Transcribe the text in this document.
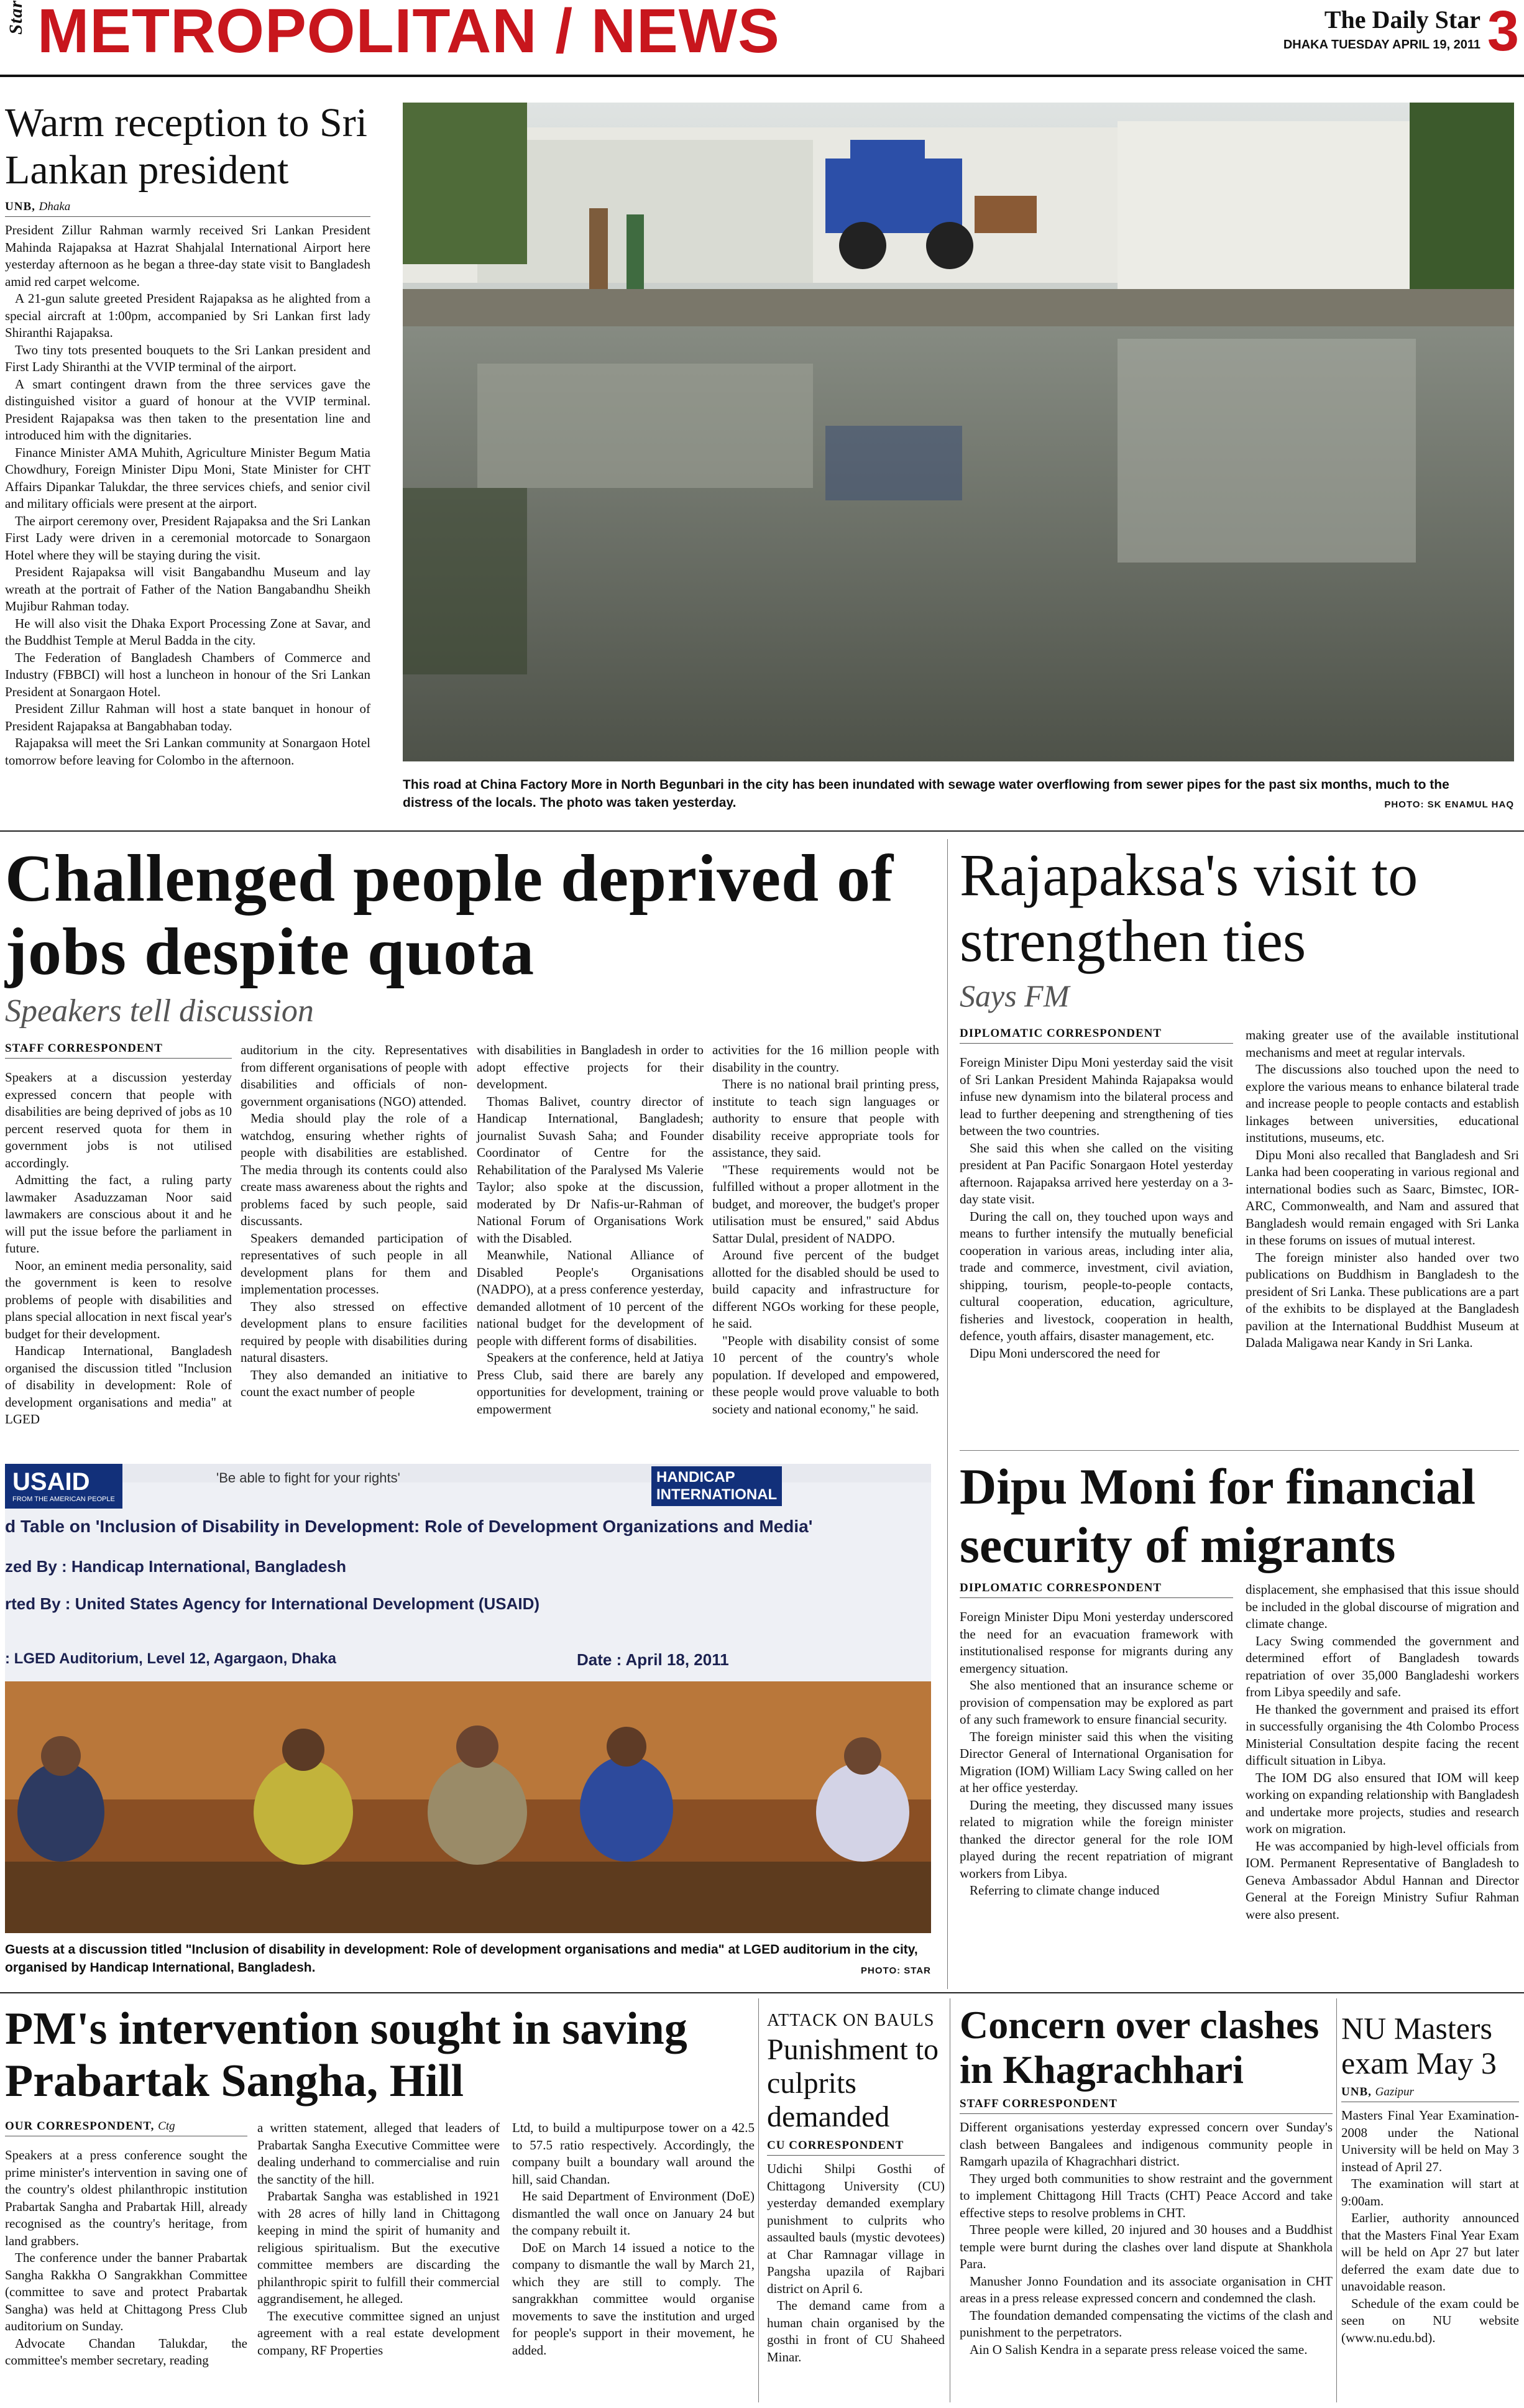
Star METROPOLITAN / NEWS	The Daily Star
DHAKA TUESDAY APRIL 19, 2011 3
Warm reception to Sri Lankan president
UNB, Dhaka

President Zillur Rahman warmly received Sri Lankan President Mahinda Rajapaksa at Hazrat Shahjalal International Airport here yesterday afternoon as he began a three-day state visit to Bangladesh amid red carpet welcome.

A 21-gun salute greeted President Rajapaksa as he alighted from a special aircraft at 1:00pm, accompanied by Sri Lankan first lady Shiranthi Rajapaksa.

Two tiny tots presented bouquets to the Sri Lankan president and First Lady Shiranthi at the VVIP terminal of the airport.

A smart contingent drawn from the three services gave the distinguished visitor a guard of honour at the VVIP terminal. President Rajapaksa was then taken to the presentation line and introduced him with the dignitaries.

Finance Minister AMA Muhith, Agriculture Minister Begum Matia Chowdhury, Foreign Minister Dipu Moni, State Minister for CHT Affairs Dipankar Talukdar, the three services chiefs, and senior civil and military officials were present at the airport.

The airport ceremony over, President Rajapaksa and the Sri Lankan First Lady were driven in a ceremonial motorcade to Sonargaon Hotel where they will be staying during the visit.

President Rajapaksa will visit Bangabandhu Museum and lay wreath at the portrait of Father of the Nation Bangabandhu Sheikh Mujibur Rahman today.

He will also visit the Dhaka Export Processing Zone at Savar, and the Buddhist Temple at Merul Badda in the city.

The Federation of Bangladesh Chambers of Commerce and Industry (FBBCI) will host a luncheon in honour of the Sri Lankan President at Sonargaon Hotel.

President Zillur Rahman will host a state banquet in honour of President Rajapaksa at Bangabhaban today.

Rajapaksa will meet the Sri Lankan community at Sonargaon Hotel tomorrow before leaving for Colombo in the afternoon.

This road at China Factory More in North Begunbari in the city has been inundated with sewage water overflowing from sewer pipes for the past six months, much to the distress of the locals. The photo was taken yesterday.	PHOTO: SK ENAMUL HAQ
Challenged people deprived of jobs despite quota
Speakers tell discussion
STAFF CORRESPONDENT

Speakers at a discussion yesterday expressed concern that people with disabilities are being deprived of jobs as 10 percent reserved quota for them in government jobs is not utilised accordingly.

Admitting the fact, a ruling party lawmaker Asaduzzaman Noor said lawmakers are conscious about it and he will put the issue before the parliament in future.

Noor, an eminent media personality, said the government is keen to resolve problems of people with disabilities and plans special allocation in next fiscal year's budget for their development.

Handicap International, Bangladesh organised the discussion titled "Inclusion of disability in development: Role of development organisations and media" at LGED

auditorium in the city. Representatives from different organisations of people with disabilities and officials of non-government organisations (NGO) attended.

Media should play the role of a watchdog, ensuring whether rights of people with disabilities are established. The media through its contents could also create mass awareness about the rights and problems faced by such people, said discussants.

Speakers demanded participation of representatives of such people in all development plans for them and implementation processes.

They also stressed on effective development plans to ensure facilities required by people with disabilities during natural disasters.

They also demanded an initiative to count the exact number of people

with disabilities in Bangladesh in order to adopt effective projects for their development.

Thomas Balivet, country director of Handicap International, Bangladesh; journalist Suvash Saha; and Founder Coordinator of Centre for the Rehabilitation of the Paralysed Ms Valerie Taylor; also spoke at the discussion, moderated by Dr Nafis-ur-Rahman of National Forum of Organisations Work with the Disabled.

Meanwhile, National Alliance of Disabled People's Organisations (NADPO), at a press conference yesterday, demanded allotment of 10 percent of the national budget for the development of people with different forms of disabilities.

Speakers at the conference, held at Jatiya Press Club, said there are barely any opportunities for development, training or empowerment

activities for the 16 million people with disability in the country.

There is no national brail printing press, institute to teach sign languages or authority to ensure that people with disability receive appropriate tools for assistance, they said.

"These requirements would not be fulfilled without a proper allotment in the budget, and moreover, the budget's proper utilisation must be ensured," said Abdus Sattar Dulal, president of NADPO.

Around five percent of the budget allotted for the disabled should be used to build capacity and infrastructure for different NGOs working for these people, he said.

"People with disability consist of some 10 percent of the country's whole population. If developed and empowered, these people would prove valuable to both society and national economy," he said.

Rajapaksa's visit to strengthen ties
Says FM
DIPLOMATIC CORRESPONDENT

Foreign Minister Dipu Moni yesterday said the visit of Sri Lankan President Mahinda Rajapaksa would infuse new dynamism into the bilateral process and lead to further deepening and strengthening of ties between the two countries.

She said this when she called on the visiting president at Pan Pacific Sonargaon Hotel yesterday afternoon. Rajapaksa arrived here yesterday on a 3-day state visit.

During the call on, they touched upon ways and means to further intensify the mutually beneficial cooperation in various areas, including inter alia, trade and commerce, investment, civil aviation, shipping, tourism, people-to-people contacts, cultural cooperation, education, agriculture, fisheries and livestock, cooperation in health, defence, youth affairs, disaster management, etc.

Dipu Moni underscored the need for

making greater use of the available institutional mechanisms and meet at regular intervals.

The discussions also touched upon the need to explore the various means to enhance bilateral trade and increase people to people contacts and establish linkages between universities, educational institutions, museums, etc.

Dipu Moni also recalled that Bangladesh and Sri Lanka had been cooperating in various regional and international bodies such as Saarc, Bimstec, IOR-ARC, Commonwealth, and Nam and assured that Bangladesh would remain engaged with Sri Lanka in these forums on issues of mutual interest.

The foreign minister also handed over two publications on Buddhism in Bangladesh to the president of Sri Lanka. These publications are a part of the exhibits to be displayed at the Bangladesh pavilion at the International Buddhist Museum at Dalada Maligawa near Kandy in Sri Lanka.

USAID
FROM THE AMERICAN PEOPLE
'Be able to fight for your rights'	HANDICAP INTERNATIONAL
d Table on 'Inclusion of Disability in Development: Role of Development Organizations and Media'
zed By : Handicap International, Bangladesh
rted By : United States Agency for International Development (USAID)
: LGED Auditorium, Level 12, Agargaon, Dhaka	Date : April 18, 2011
Guests at a discussion titled "Inclusion of disability in development: Role of development organisations and media" at LGED auditorium in the city, organised by Handicap International, Bangladesh.	PHOTO: STAR
Dipu Moni for financial security of migrants
DIPLOMATIC CORRESPONDENT

Foreign Minister Dipu Moni yesterday underscored the need for an evacuation framework with institutionalised response for migrants during any emergency situation.

She also mentioned that an insurance scheme or provision of compensation may be explored as part of any such framework to ensure financial security.

The foreign minister said this when the visiting Director General of International Organisation for Migration (IOM) William Lacy Swing called on her at her office yesterday.

During the meeting, they discussed many issues related to migration while the foreign minister thanked the director general for the role IOM played during the recent repatriation of migrant workers from Libya.

Referring to climate change induced

displacement, she emphasised that this issue should be included in the global discourse of migration and climate change.

Lacy Swing commended the government and determined effort of Bangladesh towards repatriation of over 35,000 Bangladeshi workers from Libya speedily and safe.

He thanked the government and praised its effort in successfully organising the 4th Colombo Process Ministerial Consultation despite facing the recent difficult situation in Libya.

The IOM DG also ensured that IOM will keep working on expanding relationship with Bangladesh and undertake more projects, studies and research work on migration.

He was accompanied by high-level officials from IOM. Permanent Representative of Bangladesh to Geneva Ambassador Abdul Hannan and Director General at the Foreign Ministry Sufiur Rahman were also present.

PM's intervention sought in saving Prabartak Sangha, Hill
OUR CORRESPONDENT, Ctg

Speakers at a press conference sought the prime minister's intervention in saving one of the country's oldest philanthropic institution Prabartak Sangha and Prabartak Hill, already recognised as the country's heritage, from land grabbers.

The conference under the banner Prabartak Sangha Rakkha O Sangrakkhan Committee (committee to save and protect Prabartak Sangha) was held at Chittagong Press Club auditorium on Sunday.

Advocate Chandan Talukdar, the committee's member secretary, reading

a written statement, alleged that leaders of Prabartak Sangha Executive Committee were dealing underhand to commercialise and ruin the sanctity of the hill.

Prabartak Sangha was established in 1921 with 28 acres of hilly land in Chittagong keeping in mind the spirit of humanity and religious spiritualism. But the executive committee members are discarding the philanthropic spirit to fulfill their commercial aggrandisement, he alleged.

The executive committee signed an unjust agreement with a real estate development company, RF Properties

Ltd, to build a multipurpose tower on a 42.5 to 57.5 ratio respectively. Accordingly, the company built a boundary wall around the hill, said Chandan.

He said Department of Environment (DoE) dismantled the wall once on January 24 but the company rebuilt it.

DoE on March 14 issued a notice to the company to dismantle the wall by March 21, which they are still to comply. The sangrakkhan committee would organise movements to save the institution and urged for people's support in their movement, he added.

ATTACK ON BAULS
Punishment to culprits demanded
CU CORRESPONDENT

Udichi Shilpi Gosthi of Chittagong University (CU) yesterday demanded exemplary punishment to culprits who assaulted bauls (mystic devotees) at Char Ramnagar village in Pangsha upazila of Rajbari district on April 6.

The demand came from a human chain organised by the gosthi in front of CU Shaheed Minar.

Concern over clashes in Khagrachhari
STAFF CORRESPONDENT

Different organisations yesterday expressed concern over Sunday's clash between Bangalees and indigenous community people in Ramgarh upazila of Khagrachhari district.

They urged both communities to show restraint and the government to implement Chittagong Hill Tracts (CHT) Peace Accord and take effective steps to resolve problems in CHT.

Three people were killed, 20 injured and 30 houses and a Buddhist temple were burnt during the clashes over land dispute at Shankhola Para.

Manusher Jonno Foundation and its associate organisation in CHT areas in a press release expressed concern and condemned the clash.

The foundation demanded compensating the victims of the clash and punishment to the perpetrators.

Ain O Salish Kendra in a separate press release voiced the same.

NU Masters exam May 3
UNB, Gazipur

Masters Final Year Examination-2008 under the National University will be held on May 3 instead of April 27.

The examination will start at 9:00am.

Earlier, authority announced that the Masters Final Year Exam will be held on Apr 27 but later deferred the exam date due to unavoidable reason.

Schedule of the exam could be seen on NU website (www.nu.edu.bd).
